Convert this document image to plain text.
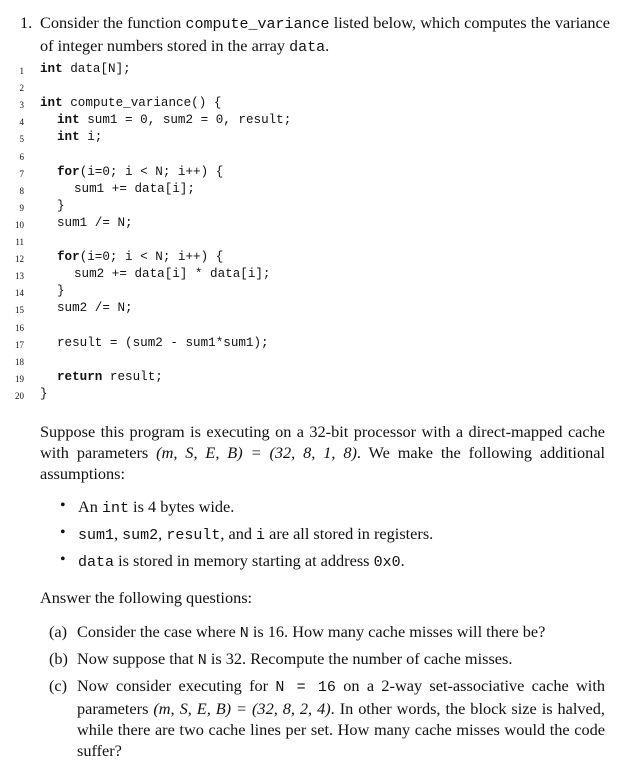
1. Consider the function compute_variance listed below, which computes the variance of integer numbers stored in the array data.
1 int data[N];
2
3 int compute_variance() {
4	int sum1 = 0, sum2 = 0, result;
5	int i;
6
7	for(i=0; i < N; i++) {
8	sum1 += data[i];
9	}
10	sum1 /= N;
11
12	for(i=0; i < N; i++) {
13	sum2 += data[i] * data[i];
14	}
15	sum2 /= N;
16
17	result = (sum2 - sum1*sum1);
18
19	return result;
20 }
Suppose this program is executing on a 32-bit processor with a direct-mapped cache with parameters (m, S, E, B) = (32, 8, 1, 8). We make the following additional assumptions:
• An int is 4 bytes wide.
• sum1, sum2, result, and i are all stored in registers.
• data is stored in memory starting at address 0x0.
Answer the following questions:
(a) Consider the case where N is 16. How many cache misses will there be?
(b) Now suppose that N is 32. Recompute the number of cache misses.
(c) Now consider executing for N = 16 on a 2-way set-associative cache with parameters (m, S, E, B) = (32, 8, 2, 4). In other words, the block size is halved, while there are two cache lines per set. How many cache misses would the code suffer?
